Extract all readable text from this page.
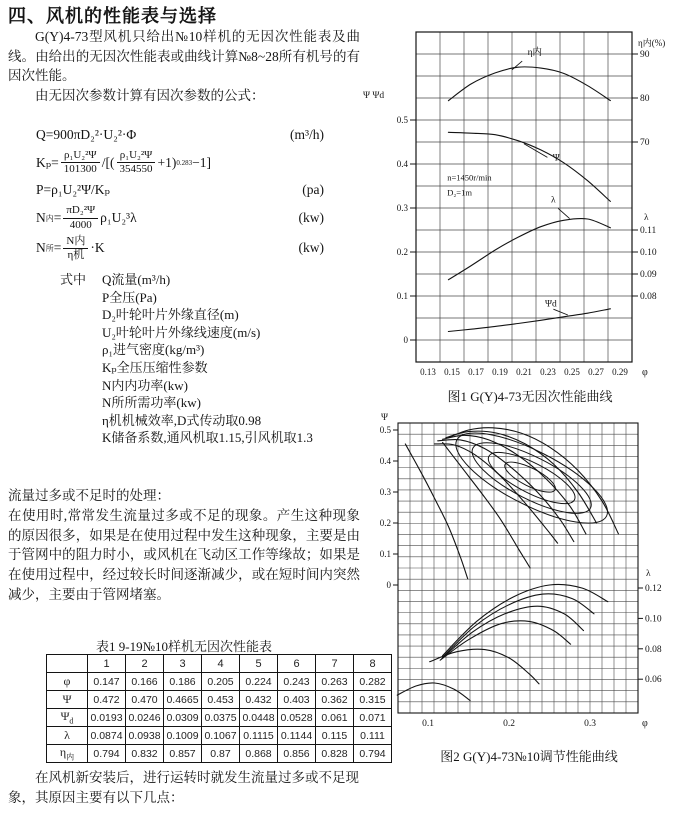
四、风机的性能表与选择

G(Y)4-73型风机只给出№10样机的无因次性能表及曲线。由给出的无因次性能表或曲线计算№8~28所有机号的有因次性能。

由无因次参数计算有因次参数的公式：

Q=900πD₂²·U₂²·Φ	(m³/h)
$K_p= \frac{\text{ρ₁U₂²Ψ}}{101300}$ /[( $\frac{\text{ρ₁U₂²Ψ}}{354550} +1$) 0.283 −1]
P=ρ₁U₂²Ψ/Kₚ	(pa)
N 内 = $\frac{\text{πD₂²Ψ}}{4000} \rho_1U_2^3\lambda$	(kw)
N 所 = $\frac{\text{N内}}{\text{η机}} \cdot K$	(kw)
式中	Q流量(m³/h)
P全压(Pa)
D₂叶轮叶片外缘直径(m)
U₂叶轮叶片外缘线速度(m/s)
ρ₁进气密度(kg/m³)
Kₚ全压压缩性参数
N内内功率(kw)
N所所需功率(kw)
η机机械效率,D式传动取0.98
K储备系数,通风机取1.15,引风机取1.3

流量过多或不足时的处理：

在使用时,常常发生流量过多或不足的现象。产生这种现象的原因很多，如果是在使用过程中发生这种现象，主要是由于管网中的阻力时小，或风机在飞动区工作等缘故；如果是在使用过程中，经过较长时间逐渐减少，或在短时间内突然减少，主要由于管网堵塞。

表1 9-19№10样机无因次性能表
	1	2	3	4	5	6	7	8
φ	0.147	0.166	0.186	0.205	0.224	0.243	0.263	0.282
Ψ	0.472	0.470	0.4665	0.453	0.432	0.403	0.362	0.315
$\Psi_d$	0.0193	0.0246	0.0309	0.0375	0.0448	0.0528	0.061	0.071
λ	0.0874	0.0938	0.1009	0.1067	0.1115	0.1144	0.115	0.111
$\eta_内$	0.794	0.832	0.857	0.87	0.868	0.856	0.828	0.794

在风机新安装后，进行运转时就发生流量过多或不足现象，其原因主要有以下几点：

Ψ Ψd
0.5
0.4
0.3
0.2
0.1
0
η内(%)
90
80
70
λ
0.11
0.10
0.09
0.08
0.13 0.15 0.17 0.19 0.21 0.23 0.25 0.27 0.29 φ
n=1450r/min
D₂=1m
η内
Ψ
λ
Ψd
图1 G(Y)4-73无因次性能曲线
Ψ
0.5
0.4
0.3
0.2
0.1
0
λ
0.12
0.10
0.08
0.06
0.1	0.2	0.3	φ
图2 G(Y)4-73№10调节性能曲线
